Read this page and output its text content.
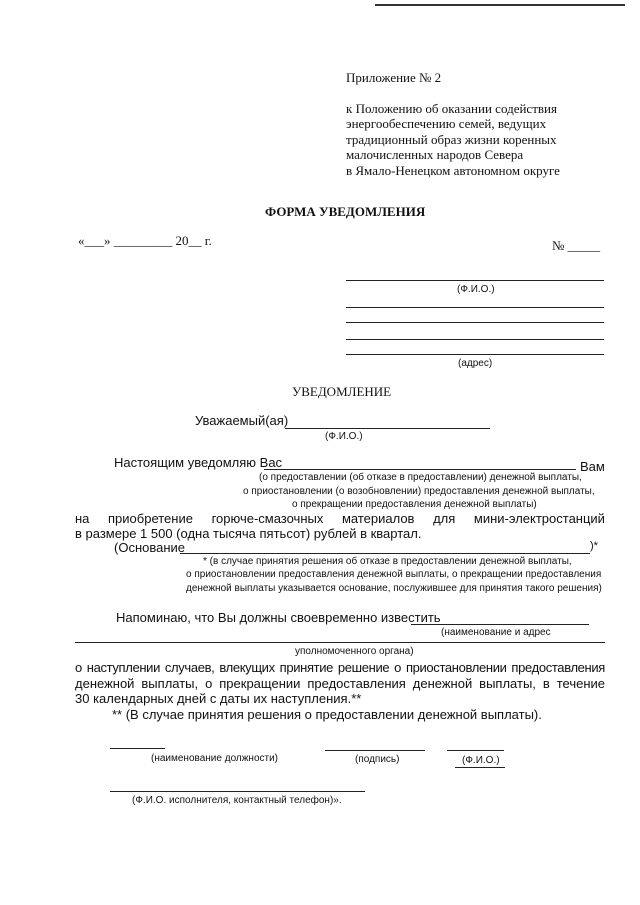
Приложение № 2
к Положению об оказании содействия
энергообеспечению семей, ведущих
традиционный образ жизни коренных
малочисленных народов Севера
в Ямало-Ненецком автономном округе
ФОРМА УВЕДОМЛЕНИЯ
«___» _________ 20__ г.	№ _____
(Ф.И.О.)
(адрес)
УВЕДОМЛЕНИЕ
Уважаемый(ая)
(Ф.И.О.)
Настоящим уведомляю Вас	Вам
(о предоставлении (об отказе в предоставлении) денежной выплаты,
о приостановлении (о возобновлении) предоставления денежной выплаты,
о прекращении предоставления денежной выплаты)
на приобретение горюче-смазочных материалов для мини-электростанций
в размере 1 500 (одна тысяча пятьсот) рублей в квартал.
(Основание	)*
* (в случае принятия решения об отказе в предоставлении денежной выплаты,
о приостановлении предоставления денежной выплаты, о прекращении предоставления
денежной выплаты указывается основание, послужившее для принятия такого решения)
Напоминаю, что Вы должны своевременно известить
(наименование и адрес
уполномоченного органа)
о наступлении случаев, влекущих принятие решение о приостановлении предоставления
денежной выплаты, о прекращении предоставления денежной выплаты, в течение
30 календарных дней с даты их наступления.**
** (В случае принятия решения о предоставлении денежной выплаты).
(наименование должности)	(подпись)	(Ф.И.О.)
(Ф.И.О. исполнителя, контактный телефон)».
